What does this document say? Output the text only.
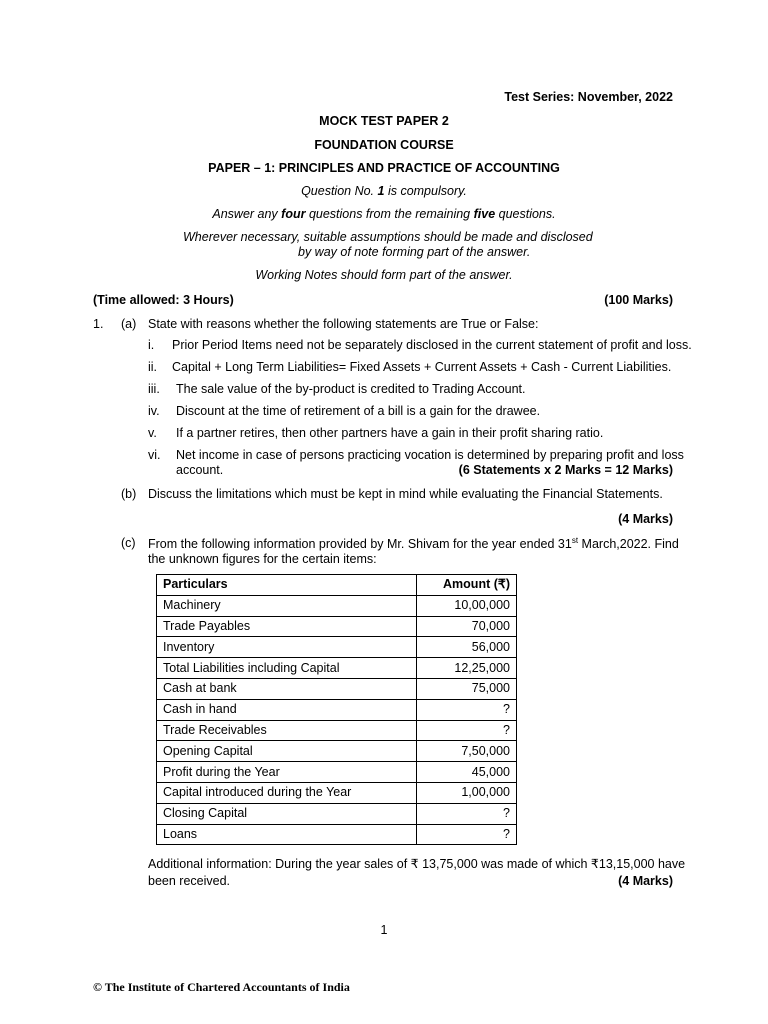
Test Series: November, 2022
MOCK TEST PAPER 2
FOUNDATION COURSE
PAPER – 1: PRINCIPLES AND PRACTICE OF ACCOUNTING
Question No. 1 is compulsory.
Answer any four questions from the remaining five questions.
Wherever necessary, suitable assumptions should be made and disclosed
by way of note forming part of the answer.
Working Notes should form part of the answer.
(Time allowed: 3 Hours)	(100 Marks)
1. (a) State with reasons whether the following statements are True or False:
i. Prior Period Items need not be separately disclosed in the current statement of profit and loss.
ii. Capital + Long Term Liabilities= Fixed Assets + Current Assets + Cash - Current Liabilities.
iii. The sale value of the by-product is credited to Trading Account.
iv. Discount at the time of retirement of a bill is a gain for the drawee.
v. If a partner retires, then other partners have a gain in their profit sharing ratio.
vi. Net income in case of persons practicing vocation is determined by preparing profit and loss
account.	(6 Statements x 2 Marks = 12 Marks)
(b) Discuss the limitations which must be kept in mind while evaluating the Financial Statements.
(4 Marks)
(c) From the following information provided by Mr. Shivam for the year ended 31st March,2022. Find
the unknown figures for the certain items:
Particulars	Amount (₹)
Machinery	10,00,000
Trade Payables	70,000
Inventory	56,000
Total Liabilities including Capital	12,25,000
Cash at bank	75,000
Cash in hand	?
Trade Receivables	?
Opening Capital	7,50,000
Profit during the Year	45,000
Capital introduced during the Year	1,00,000
Closing Capital	?
Loans	?
Additional information: During the year sales of ₹ 13,75,000 was made of which ₹13,15,000 have
been received.	(4 Marks)
1
© The Institute of Chartered Accountants of India
